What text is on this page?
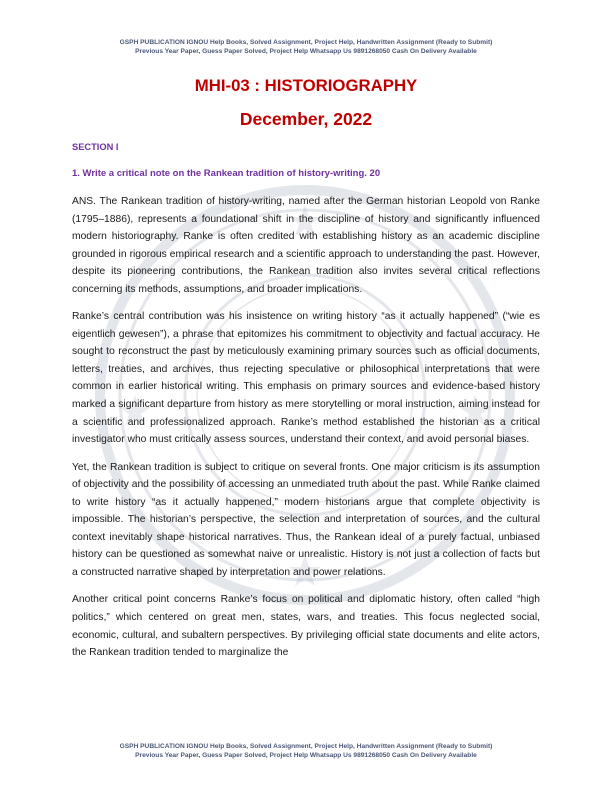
GSPH PUBLICATION IGNOU Help Books, Solved Assignment, Project Help, Handwritten Assignment (Ready to Submit)
Previous Year Paper, Guess Paper Solved, Project Help Whatsapp Us 9891268050 Cash On Delivery Available
MHI-03 : HISTORIOGRAPHY
December, 2022
SECTION I
1. Write a critical note on the Rankean tradition of history-writing. 20

ANS. The Rankean tradition of history-writing, named after the German historian Leopold von Ranke (1795–1886), represents a foundational shift in the discipline of history and significantly influenced modern historiography. Ranke is often credited with establishing history as an academic discipline grounded in rigorous empirical research and a scientific approach to understanding the past. However, despite its pioneering contributions, the Rankean tradition also invites several critical reflections concerning its methods, assumptions, and broader implications.

Ranke’s central contribution was his insistence on writing history “as it actually happened” (“wie es eigentlich gewesen”), a phrase that epitomizes his commitment to objectivity and factual accuracy. He sought to reconstruct the past by meticulously examining primary sources such as official documents, letters, treaties, and archives, thus rejecting speculative or philosophical interpretations that were common in earlier historical writing. This emphasis on primary sources and evidence-based history marked a significant departure from history as mere storytelling or moral instruction, aiming instead for a scientific and professionalized approach. Ranke’s method established the historian as a critical investigator who must critically assess sources, understand their context, and avoid personal biases.

Yet, the Rankean tradition is subject to critique on several fronts. One major criticism is its assumption of objectivity and the possibility of accessing an unmediated truth about the past. While Ranke claimed to write history “as it actually happened,” modern historians argue that complete objectivity is impossible. The historian’s perspective, the selection and interpretation of sources, and the cultural context inevitably shape historical narratives. Thus, the Rankean ideal of a purely factual, unbiased history can be questioned as somewhat naive or unrealistic. History is not just a collection of facts but a constructed narrative shaped by interpretation and power relations.

Another critical point concerns Ranke’s focus on political and diplomatic history, often called “high politics,” which centered on great men, states, wars, and treaties. This focus neglected social, economic, cultural, and subaltern perspectives. By privileging official state documents and elite actors, the Rankean tradition tended to marginalize the

GSPH PUBLICATION IGNOU Help Books, Solved Assignment, Project Help, Handwritten Assignment (Ready to Submit)
Previous Year Paper, Guess Paper Solved, Project Help Whatsapp Us 9891268050 Cash On Delivery Available
